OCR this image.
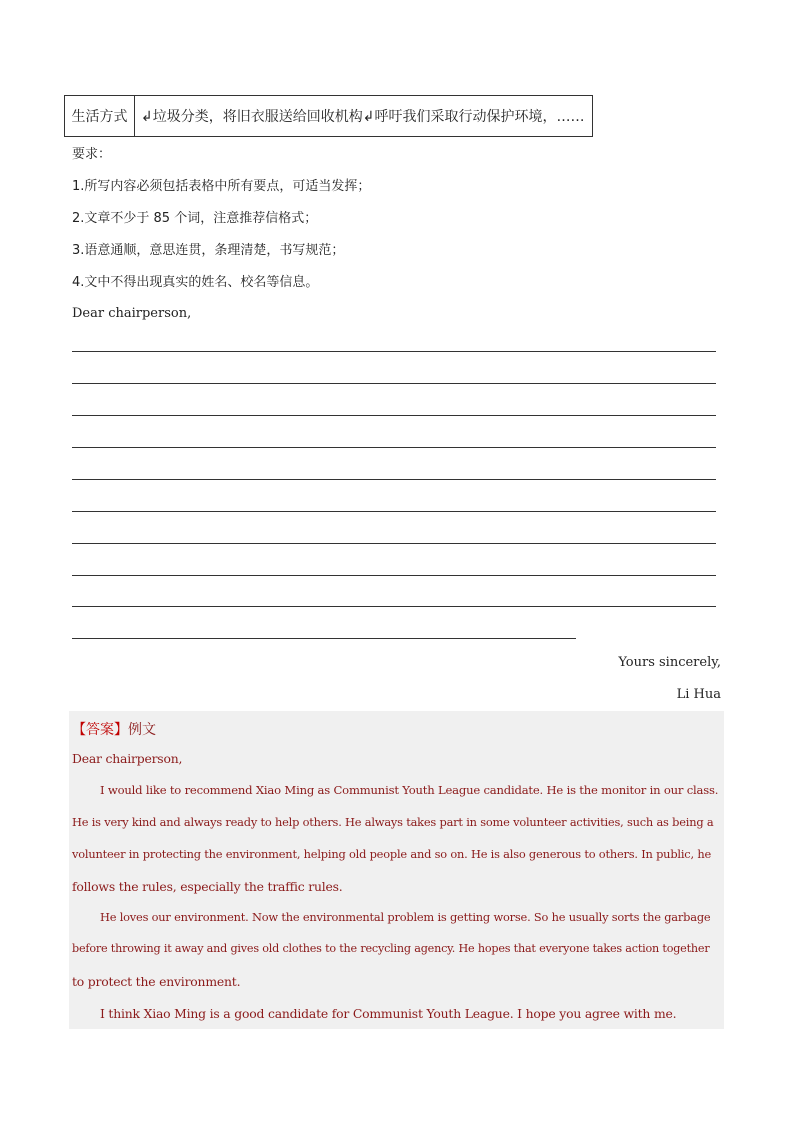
生活方式 ↲垃圾分类，将旧衣服送给回收机构↲呼吁我们采取行动保护环境，……
要求：
1.所写内容必须包括表格中所有要点，可适当发挥；
2.文章不少于 85 个词，注意推荐信格式；
3.语意通顺，意思连贯，条理清楚，书写规范；
4.文中不得出现真实的姓名、校名等信息。
Dear chairperson,
Yours sincerely,
Li Hua
【答案】例文
Dear chairperson,
I would like to recommend Xiao Ming as Communist Youth League candidate. He is the monitor in our class.
He is very kind and always ready to help others. He always takes part in some volunteer activities, such as being a
volunteer in protecting the environment, helping old people and so on. He is also generous to others. In public, he
follows the rules, especially the traffic rules.
He loves our environment. Now the environmental problem is getting worse. So he usually sorts the garbage
before throwing it away and gives old clothes to the recycling agency. He hopes that everyone takes action together
to protect the environment.
I think Xiao Ming is a good candidate for Communist Youth League. I hope you agree with me.
